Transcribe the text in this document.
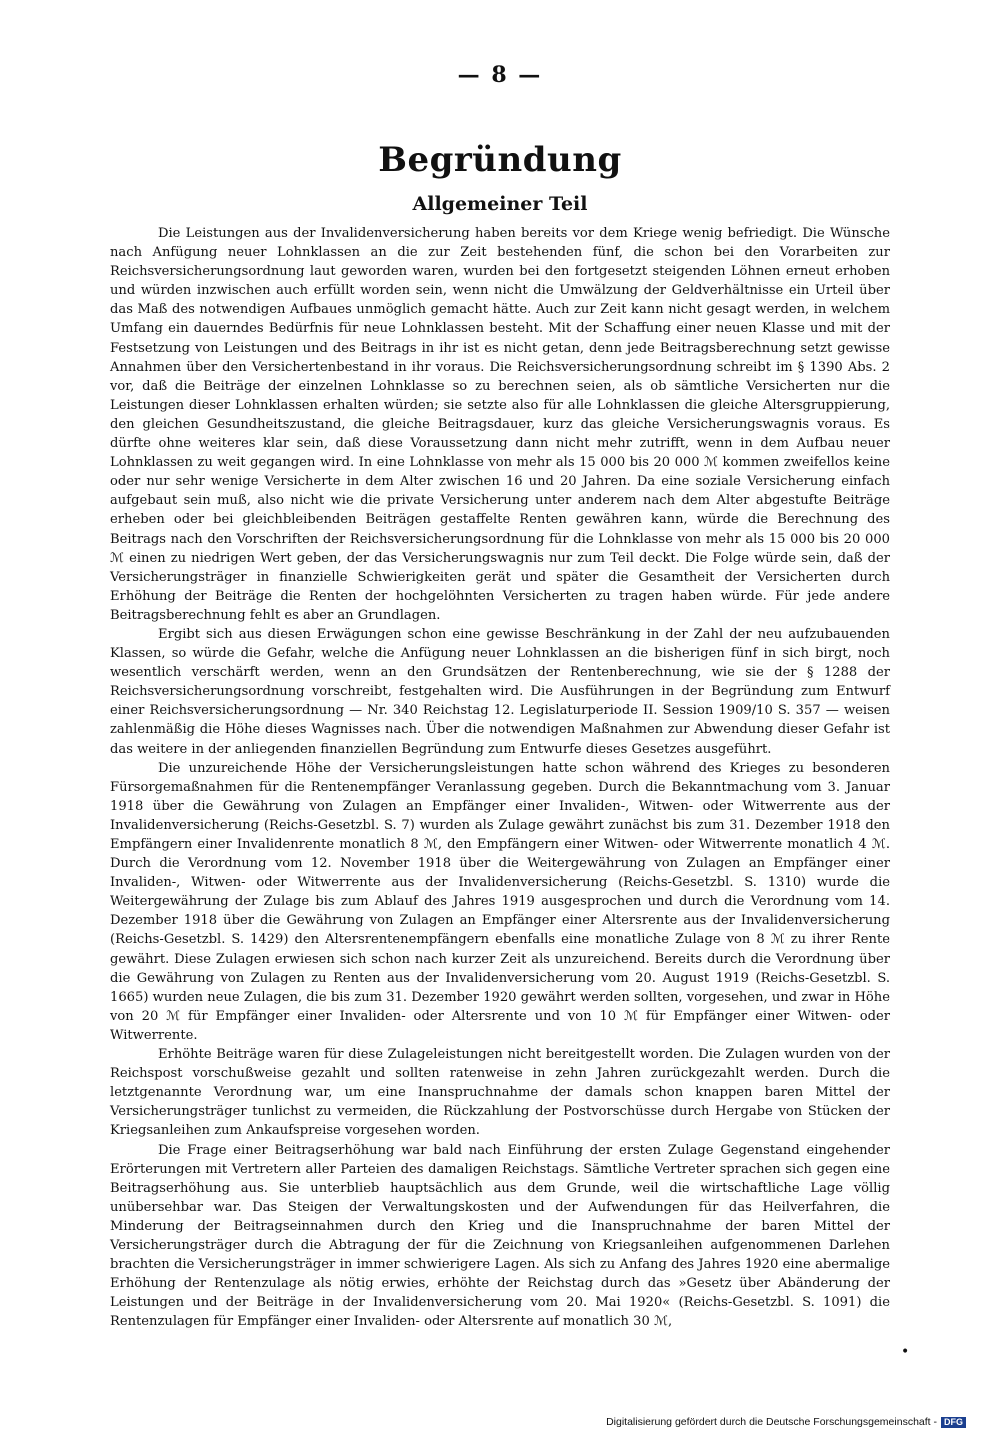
— 8 —
Begründung
Allgemeiner Teil

Die Leistungen aus der Invalidenversicherung haben bereits vor dem Kriege wenig befriedigt. Die Wünsche nach Anfügung neuer Lohnklassen an die zur Zeit bestehenden fünf, die schon bei den Vorarbeiten zur Reichsversicherungsordnung laut geworden waren, wurden bei den fortgesetzt steigenden Löhnen erneut erhoben und würden inzwischen auch erfüllt worden sein, wenn nicht die Umwälzung der Geldverhältnisse ein Urteil über das Maß des notwendigen Aufbaues unmöglich gemacht hätte. Auch zur Zeit kann nicht gesagt werden, in welchem Umfang ein dauerndes Bedürfnis für neue Lohnklassen besteht. Mit der Schaffung einer neuen Klasse und mit der Festsetzung von Leistungen und des Beitrags in ihr ist es nicht getan, denn jede Beitragsberechnung setzt gewisse Annahmen über den Versichertenbestand in ihr voraus. Die Reichsversicherungsordnung schreibt im § 1390 Abs. 2 vor, daß die Beiträge der einzelnen Lohnklasse so zu berechnen seien, als ob sämtliche Versicherten nur die Leistungen dieser Lohnklassen erhalten würden; sie setzte also für alle Lohnklassen die gleiche Altersgruppierung, den gleichen Gesundheitszustand, die gleiche Beitragsdauer, kurz das gleiche Versicherungswagnis voraus. Es dürfte ohne weiteres klar sein, daß diese Voraussetzung dann nicht mehr zutrifft, wenn in dem Aufbau neuer Lohnklassen zu weit gegangen wird. In eine Lohnklasse von mehr als 15 000 bis 20 000 ℳ kommen zweifellos keine oder nur sehr wenige Versicherte in dem Alter zwischen 16 und 20 Jahren. Da eine soziale Versicherung einfach aufgebaut sein muß, also nicht wie die private Versicherung unter anderem nach dem Alter abgestufte Beiträge erheben oder bei gleichbleibenden Beiträgen gestaffelte Renten gewähren kann, würde die Berechnung des Beitrags nach den Vorschriften der Reichsversicherungsordnung für die Lohnklasse von mehr als 15 000 bis 20 000 ℳ einen zu niedrigen Wert geben, der das Versicherungswagnis nur zum Teil deckt. Die Folge würde sein, daß der Versicherungsträger in finanzielle Schwierigkeiten gerät und später die Gesamtheit der Versicherten durch Erhöhung der Beiträge die Renten der hochgelöhnten Versicherten zu tragen haben würde. Für jede andere Beitragsberechnung fehlt es aber an Grundlagen.

Ergibt sich aus diesen Erwägungen schon eine gewisse Beschränkung in der Zahl der neu aufzubauenden Klassen, so würde die Gefahr, welche die Anfügung neuer Lohnklassen an die bisherigen fünf in sich birgt, noch wesentlich verschärft werden, wenn an den Grundsätzen der Rentenberechnung, wie sie der § 1288 der Reichsversicherungsordnung vorschreibt, festgehalten wird. Die Ausführungen in der Begründung zum Entwurf einer Reichsversicherungsordnung — Nr. 340 Reichstag 12. Legislaturperiode II. Session 1909/10 S. 357 — weisen zahlenmäßig die Höhe dieses Wagnisses nach. Über die notwendigen Maßnahmen zur Abwendung dieser Gefahr ist das weitere in der anliegenden finanziellen Begründung zum Entwurfe dieses Gesetzes ausgeführt.

Die unzureichende Höhe der Versicherungsleistungen hatte schon während des Krieges zu besonderen Fürsorgemaßnahmen für die Rentenempfänger Veranlassung gegeben. Durch die Bekanntmachung vom 3. Januar 1918 über die Gewährung von Zulagen an Empfänger einer Invaliden-, Witwen- oder Witwerrente aus der Invalidenversicherung (Reichs-Gesetzbl. S. 7) wurden als Zulage gewährt zunächst bis zum 31. Dezember 1918 den Empfängern einer Invalidenrente monatlich 8 ℳ, den Empfängern einer Witwen- oder Witwerrente monatlich 4 ℳ. Durch die Verordnung vom 12. November 1918 über die Weitergewährung von Zulagen an Empfänger einer Invaliden-, Witwen- oder Witwerrente aus der Invalidenversicherung (Reichs-Gesetzbl. S. 1310) wurde die Weitergewährung der Zulage bis zum Ablauf des Jahres 1919 ausgesprochen und durch die Verordnung vom 14. Dezember 1918 über die Gewährung von Zulagen an Empfänger einer Altersrente aus der Invalidenversicherung (Reichs-Gesetzbl. S. 1429) den Altersrentenempfängern ebenfalls eine monatliche Zulage von 8 ℳ zu ihrer Rente gewährt. Diese Zulagen erwiesen sich schon nach kurzer Zeit als unzureichend. Bereits durch die Verordnung über die Gewährung von Zulagen zu Renten aus der Invalidenversicherung vom 20. August 1919 (Reichs-Gesetzbl. S. 1665) wurden neue Zulagen, die bis zum 31. Dezember 1920 gewährt werden sollten, vorgesehen, und zwar in Höhe von 20 ℳ für Empfänger einer Invaliden- oder Altersrente und von 10 ℳ für Empfänger einer Witwen- oder Witwerrente.

Erhöhte Beiträge waren für diese Zulageleistungen nicht bereitgestellt worden. Die Zulagen wurden von der Reichspost vorschußweise gezahlt und sollten ratenweise in zehn Jahren zurückgezahlt werden. Durch die letztgenannte Verordnung war, um eine Inanspruchnahme der damals schon knappen baren Mittel der Versicherungsträger tunlichst zu vermeiden, die Rückzahlung der Postvorschüsse durch Hergabe von Stücken der Kriegsanleihen zum Ankaufspreise vorgesehen worden.

Die Frage einer Beitragserhöhung war bald nach Einführung der ersten Zulage Gegenstand eingehender Erörterungen mit Vertretern aller Parteien des damaligen Reichstags. Sämtliche Vertreter sprachen sich gegen eine Beitragserhöhung aus. Sie unterblieb hauptsächlich aus dem Grunde, weil die wirtschaftliche Lage völlig unübersehbar war. Das Steigen der Verwaltungskosten und der Aufwendungen für das Heilverfahren, die Minderung der Beitragseinnahmen durch den Krieg und die Inanspruchnahme der baren Mittel der Versicherungsträger durch die Abtragung der für die Zeichnung von Kriegsanleihen aufgenommenen Darlehen brachten die Versicherungsträger in immer schwierigere Lagen. Als sich zu Anfang des Jahres 1920 eine abermalige Erhöhung der Rentenzulage als nötig erwies, erhöhte der Reichstag durch das »Gesetz über Abänderung der Leistungen und der Beiträge in der Invalidenversicherung vom 20. Mai 1920« (Reichs-Gesetzbl. S. 1091) die Rentenzulagen für Empfänger einer Invaliden- oder Altersrente auf monatlich 30 ℳ,

•
Digitalisierung gefördert durch die Deutsche Forschungsgemeinschaft - DFG
